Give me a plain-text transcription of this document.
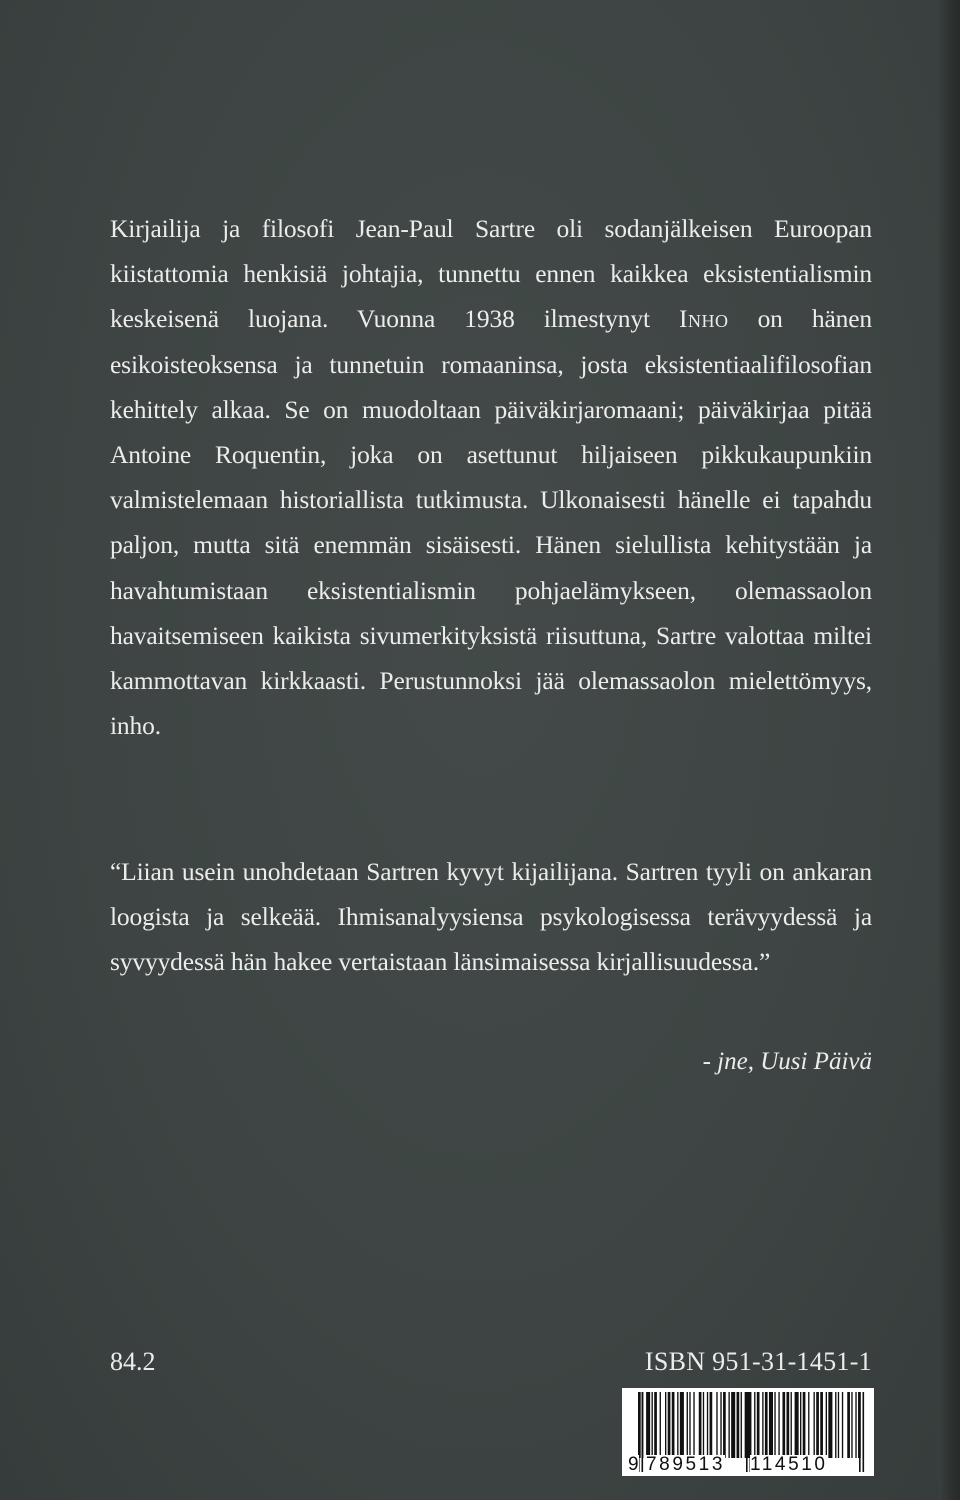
Kirjailija ja filosofi Jean-Paul Sartre oli sodanjälkeisen Euroopan kiistattomia henkisiä johtajia, tunnettu ennen kaikkea eksistentialismin keskeisenä luojana. Vuonna 1938 ilmestynyt Inho on hänen esikoisteoksensa ja tunnetuin romaaninsa, josta eksistentiaalifilosofian kehittely alkaa. Se on muodoltaan päiväkirjaromaani; päiväkirjaa pitää Antoine Roquentin, joka on asettunut hiljaiseen pikkukaupunkiin valmistelemaan historiallista tutkimusta. Ulkonaisesti hänelle ei tapahdu paljon, mutta sitä enemmän sisäisesti. Hänen sielullista kehitystään ja havahtumistaan eksistentialismin pohjaelämykseen, olemassaolon havaitsemiseen kaikista sivumerkityksistä riisuttuna, Sartre valottaa miltei kammottavan kirkkaasti. Perustunnoksi jää olemassaolon mielettömyys, inho.

“Liian usein unohdetaan Sartren kyvyt kijailijana. Sartren tyyli on ankaran loogista ja selkeää. Ihmisanalyysiensa psykologisessa terävyydessä ja syvyydessä hän hakee vertaistaan länsimaisessa kirjallisuudessa.”

- jne, Uusi Päivä

84.2	ISBN 951-31-1451-1
9 789513 114510
